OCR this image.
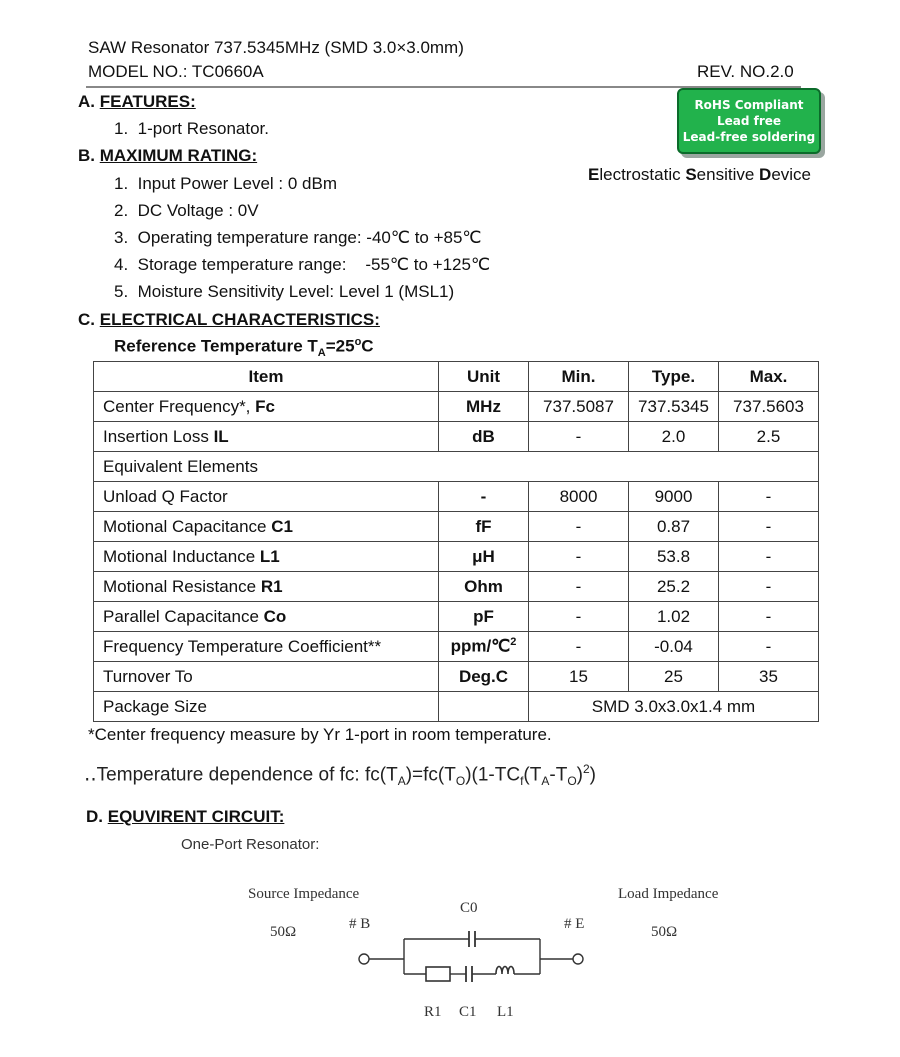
SAW Resonator 737.5345MHz (SMD 3.0×3.0mm)
MODEL NO.: TC0660A	REV. NO.2.0
RoHS Compliant
Lead free
Lead-free soldering
Electrostatic Sensitive Device
A. FEATURES:
1.  1-port Resonator.
B. MAXIMUM RATING:
1.  Input Power Level : 0 dBm
2.  DC Voltage : 0V
3.  Operating temperature range: -40℃ to +85℃
4.  Storage temperature range:    -55℃ to +125℃
5.  Moisture Sensitivity Level: Level 1 (MSL1)
C. ELECTRICAL CHARACTERISTICS:
Reference Temperature $T_A=25^oC$
Item	Unit	Min.	Type.	Max.
Center Frequency*, Fc	MHz	737.5087	737.5345	737.5603
Insertion Loss IL	dB	-	2.0	2.5
Equivalent Elements				
Unload Q Factor	-	8000	9000	-
Motional Capacitance C1	fF	-	0.87	-
Motional Inductance L1	μH	-	53.8	-
Motional Resistance R1	Ohm	-	25.2	-
Parallel Capacitance Co	pF	-	1.02	-
Frequency Temperature Coefficient**	ppm/℃$^2$	-	-0.04	-
Turnover To	Deg.C	15	25	35
Package Size		SMD 3.0x3.0x1.4 mm		
*Center frequency measure by Yr 1-port in room temperature.
‥Temperature dependence of fc: $fc(T_A)=fc(T_O)(1-TC_f(T_A-T_O)^2)$
D. EQUVIRENT CIRCUIT:
One-Port Resonator:
Source Impedance
50Ω
Load Impedance
50Ω
# B	# E
C0
R1 C1 L1
